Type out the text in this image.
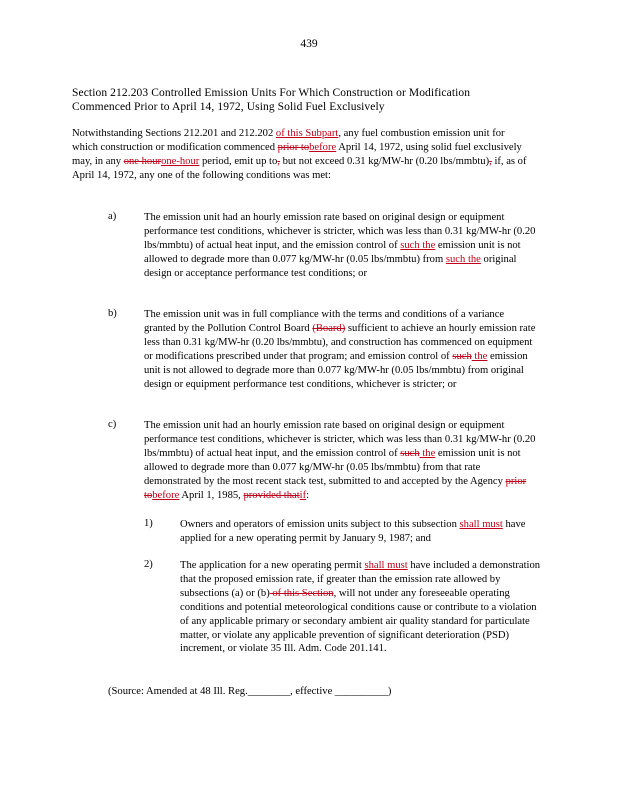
439
Section 212.203 Controlled Emission Units For Which Construction or Modification
Commenced Prior to April 14, 1972, Using Solid Fuel Exclusively
Notwithstanding Sections 212.201 and 212.202 of this Subpart, any fuel combustion emission unit for which construction or modification commenced prior tobefore April 14, 1972, using solid fuel exclusively may, in any one hourone-hour period, emit up to, but not exceed 0.31 kg/MW-hr (0.20 lbs/mmbtu), if, as of April 14, 1972, any one of the following conditions was met:
a)	The emission unit had an hourly emission rate based on original design or equipment performance test conditions, whichever is stricter, which was less than 0.31 kg/MW-hr (0.20 lbs/mmbtu) of actual heat input, and the emission control of such the emission unit is not allowed to degrade more than 0.077 kg/MW-hr (0.05 lbs/mmbtu) from such the original design or acceptance performance test conditions; or
b)	The emission unit was in full compliance with the terms and conditions of a variance granted by the Pollution Control Board (Board) sufficient to achieve an hourly emission rate less than 0.31 kg/MW-hr (0.20 lbs/mmbtu), and construction has commenced on equipment or modifications prescribed under that program; and emission control of such the emission unit is not allowed to degrade more than 0.077 kg/MW-hr (0.05 lbs/mmbtu) from original design or equipment performance test conditions, whichever is stricter; or
c)	The emission unit had an hourly emission rate based on original design or equipment performance test conditions, whichever is stricter, which was less than 0.31 kg/MW-hr (0.20 lbs/mmbtu) of actual heat input, and the emission control of such the emission unit is not allowed to degrade more than 0.077 kg/MW-hr (0.05 lbs/mmbtu) from that rate demonstrated by the most recent stack test, submitted to and accepted by the Agency prior tobefore April 1, 1985, provided thatif:
1)	Owners and operators of emission units subject to this subsection shall must have applied for a new operating permit by January 9, 1987; and
2)	The application for a new operating permit shall must have included a demonstration that the proposed emission rate, if greater than the emission rate allowed by subsections (a) or (b) of this Section, will not under any foreseeable operating conditions and potential meteorological conditions cause or contribute to a violation of any applicable primary or secondary ambient air quality standard for particulate matter, or violate any applicable prevention of significant deterioration (PSD) increment, or violate 35 Ill. Adm. Code 201.141.
(Source: Amended at 48 Ill. Reg.________, effective __________)
